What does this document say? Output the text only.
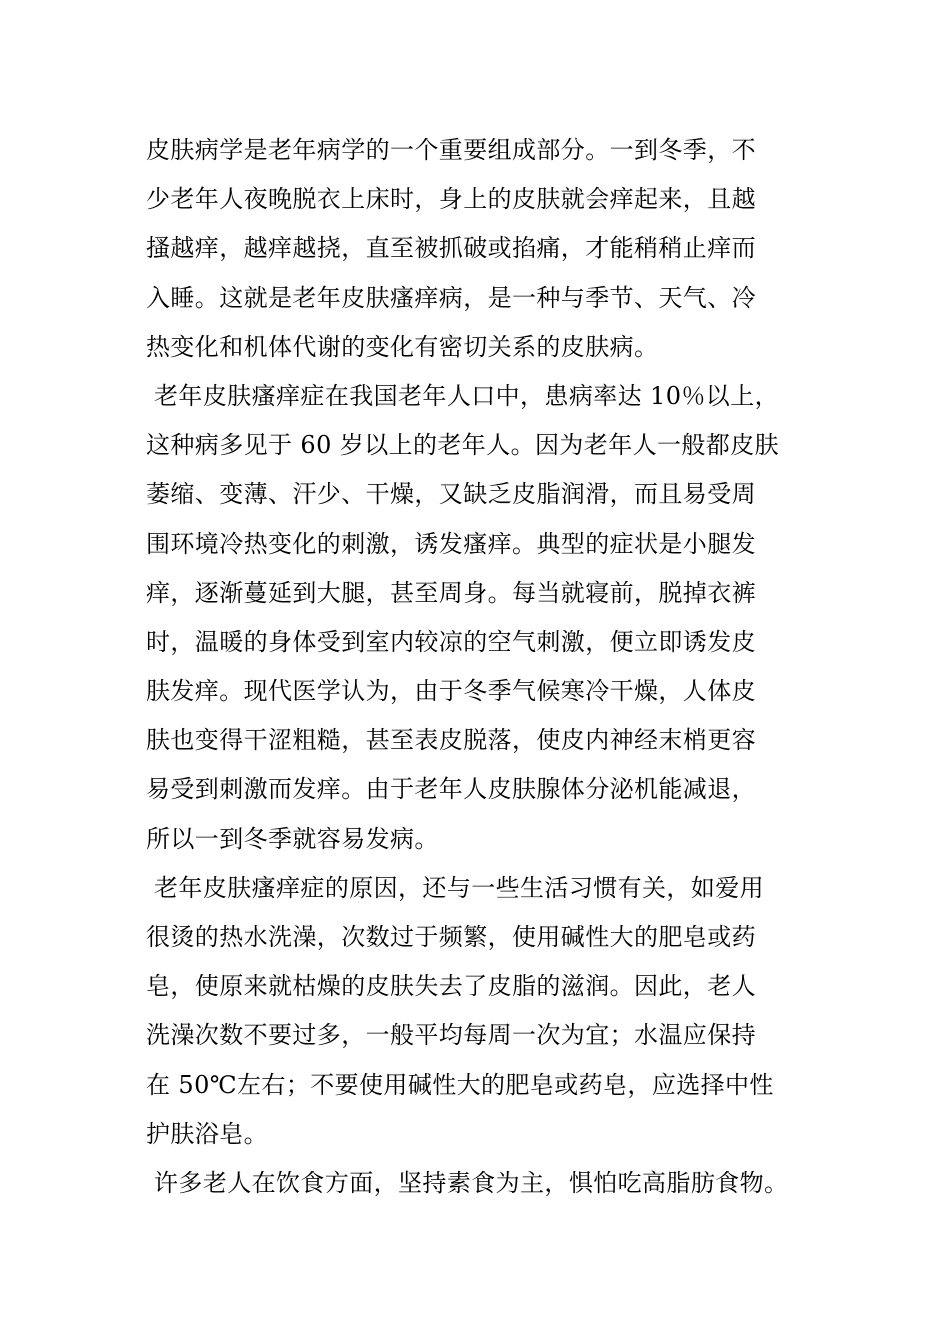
皮肤病学是老年病学的一个重要组成部分。一到冬季，不
少老年人夜晚脱衣上床时，身上的皮肤就会痒起来，且越
搔越痒，越痒越挠，直至被抓破或掐痛，才能稍稍止痒而
入睡。这就是老年皮肤瘙痒病，是一种与季节、天气、冷
热变化和机体代谢的变化有密切关系的皮肤病。
老年皮肤瘙痒症在我国老年人口中，患病率达 10％以上，
这种病多见于 60 岁以上的老年人。因为老年人一般都皮肤
萎缩、变薄、汗少、干燥，又缺乏皮脂润滑，而且易受周
围环境冷热变化的刺激，诱发瘙痒。典型的症状是小腿发
痒，逐渐蔓延到大腿，甚至周身。每当就寝前，脱掉衣裤
时，温暖的身体受到室内较凉的空气刺激，便立即诱发皮
肤发痒。现代医学认为，由于冬季气候寒冷干燥，人体皮
肤也变得干涩粗糙，甚至表皮脱落，使皮内神经末梢更容
易受到刺激而发痒。由于老年人皮肤腺体分泌机能减退，
所以一到冬季就容易发病。
老年皮肤瘙痒症的原因，还与一些生活习惯有关，如爱用
很烫的热水洗澡，次数过于频繁，使用碱性大的肥皂或药
皂，使原来就枯燥的皮肤失去了皮脂的滋润。因此，老人
洗澡次数不要过多，一般平均每周一次为宜；水温应保持
在 50℃左右；不要使用碱性大的肥皂或药皂，应选择中性
护肤浴皂。
许多老人在饮食方面，坚持素食为主，惧怕吃高脂肪食物。
